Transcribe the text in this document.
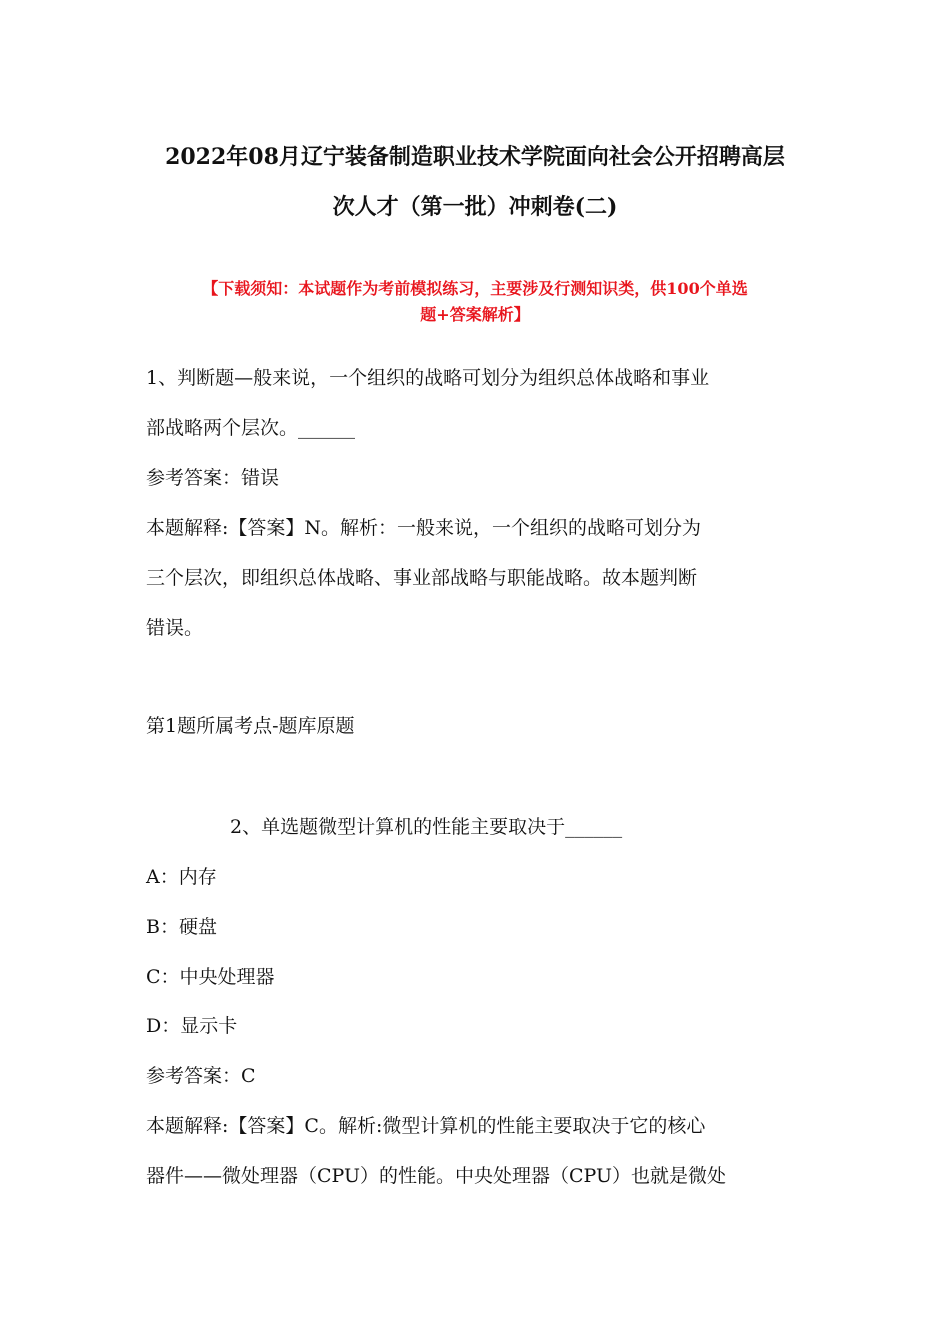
2022年08月辽宁装备制造职业技术学院面向社会公开招聘高层
次人才（第一批）冲刺卷(二)
【下载须知：本试题作为考前模拟练习，主要涉及行测知识类，供100个单选
题+答案解析】
1、判断题—般来说，一个组织的战略可划分为组织总体战略和事业
部战略两个层次。______
参考答案：错误
本题解释:【答案】N。解析：一般来说，一个组织的战略可划分为
三个层次，即组织总体战略、事业部战略与职能战略。故本题判断
错误。
第1题所属考点-题库原题
2、单选题微型计算机的性能主要取决于______
A：内存
B：硬盘
C：中央处理器
D：显示卡
参考答案：C
本题解释:【答案】C。解析:微型计算机的性能主要取决于它的核心
器件——微处理器（CPU）的性能。中央处理器（CPU）也就是微处
